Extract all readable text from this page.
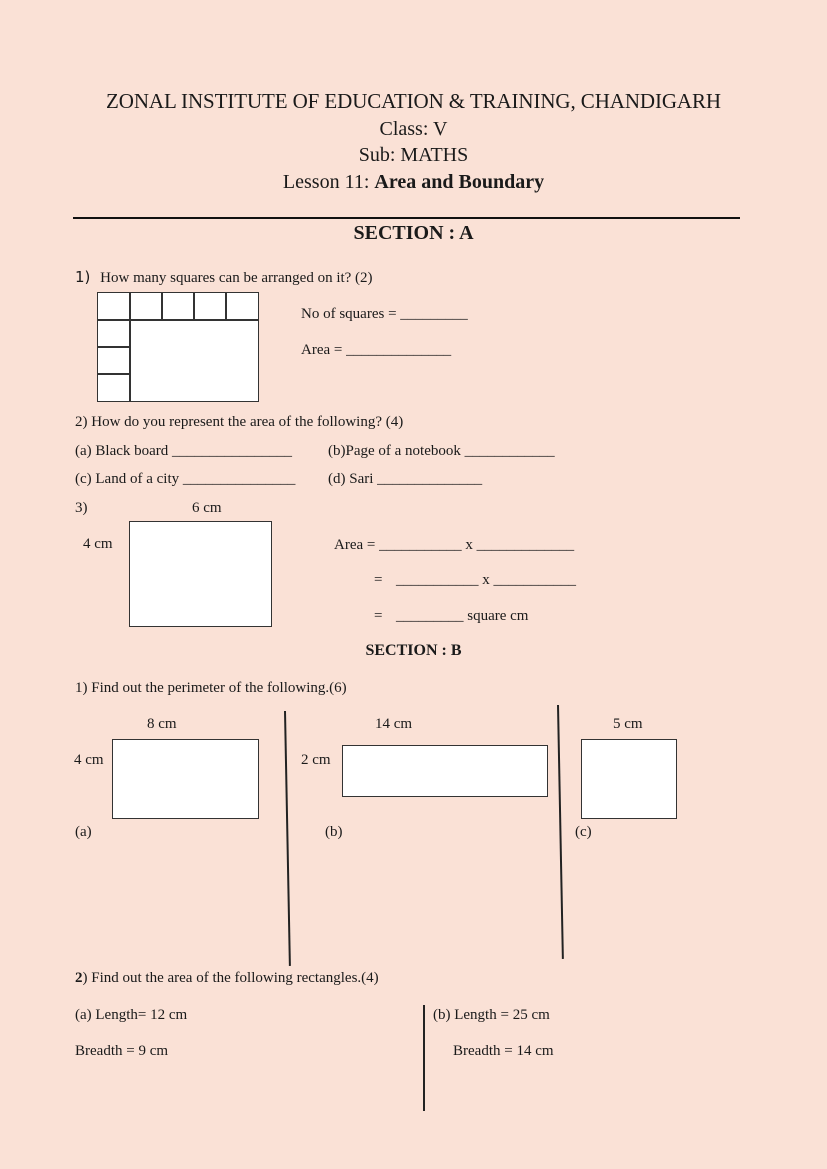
ZONAL INSTITUTE OF EDUCATION & TRAINING, CHANDIGARH
Class: V
Sub: MATHS
Lesson 11: Area and Boundary
SECTION : A
1) How many squares can be arranged on it? (2)
No of squares = _________
Area = ______________
2) How do you represent the area of the following? (4)
(a) Black board ________________ (b)Page of a notebook ____________
(c) Land of a city _______________ (d) Sari ______________
3)	6 cm
4 cm	Area = ___________ x _____________
= ___________ x ___________
= _________ square cm
SECTION : B
1) Find out the perimeter of the following.(6)
8 cm
4 cm
(a)
14 cm
2 cm
(b)
5 cm
(c)
2) Find out the area of the following rectangles.(4)
(a) Length= 12 cm
Breadth = 9 cm
(b) Length = 25 cm
Breadth = 14 cm
